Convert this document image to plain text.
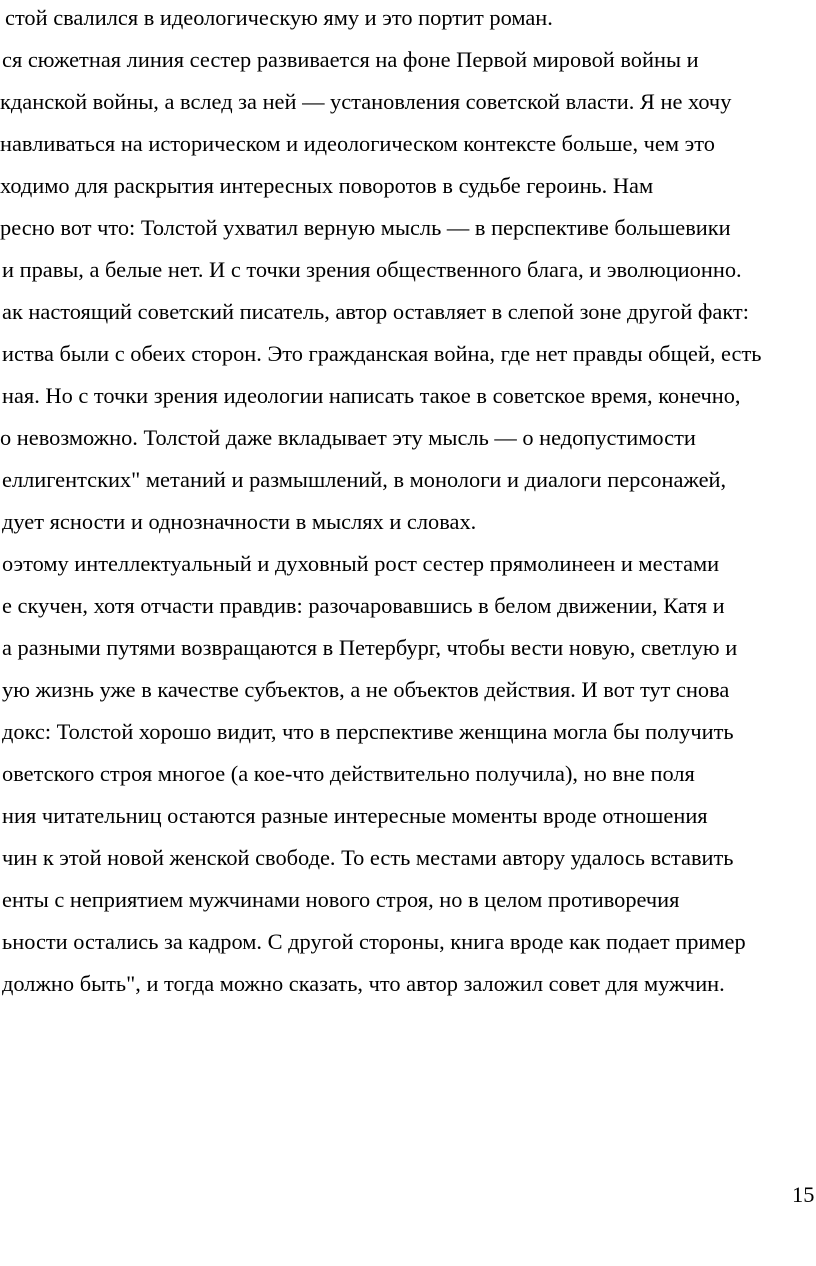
стой свалился в идеологическую яму и это портит роман.
ся сюжетная линия сестер развивается на фоне Первой мировой войны и
кданской войны, а вслед за ней — установления советской власти. Я не хочу
навливаться на историческом и идеологическом контексте больше, чем это
ходимо для раскрытия интересных поворотов в судьбе героинь. Нам
ресно вот что: Толстой ухватил верную мысль — в перспективе большевики
и правы, а белые нет. И с точки зрения общественного блага, и эволюционно.
ак настоящий советский писатель, автор оставляет в слепой зоне другой факт:
иства были с обеих сторон. Это гражданская война, где нет правды общей, есть
ная. Но с точки зрения идеологии написать такое в советское время, конечно,
о невозможно. Толстой даже вкладывает эту мысль — о недопустимости
еллигентских" метаний и размышлений, в монологи и диалоги персонажей,
дует ясности и однозначности в мыслях и словах.
оэтому интеллектуальный и духовный рост сестер прямолинеен и местами
е скучен, хотя отчасти правдив: разочаровавшись в белом движении, Катя и
а разными путями возвращаются в Петербург, чтобы вести новую, светлую и
ую жизнь уже в качестве субъектов, а не объектов действия. И вот тут снова
докс: Толстой хорошо видит, что в перспективе женщина могла бы получить
оветского строя многое (а кое-что действительно получила), но вне поля
ния читательниц остаются разные интересные моменты вроде отношения
чин к этой новой женской свободе. То есть местами автору удалось вставить
енты с неприятием мужчинами нового строя, но в целом противоречия
ьности остались за кадром. С другой стороны, книга вроде как подает пример
должно быть", и тогда можно сказать, что автор заложил совет для мужчин.
15
